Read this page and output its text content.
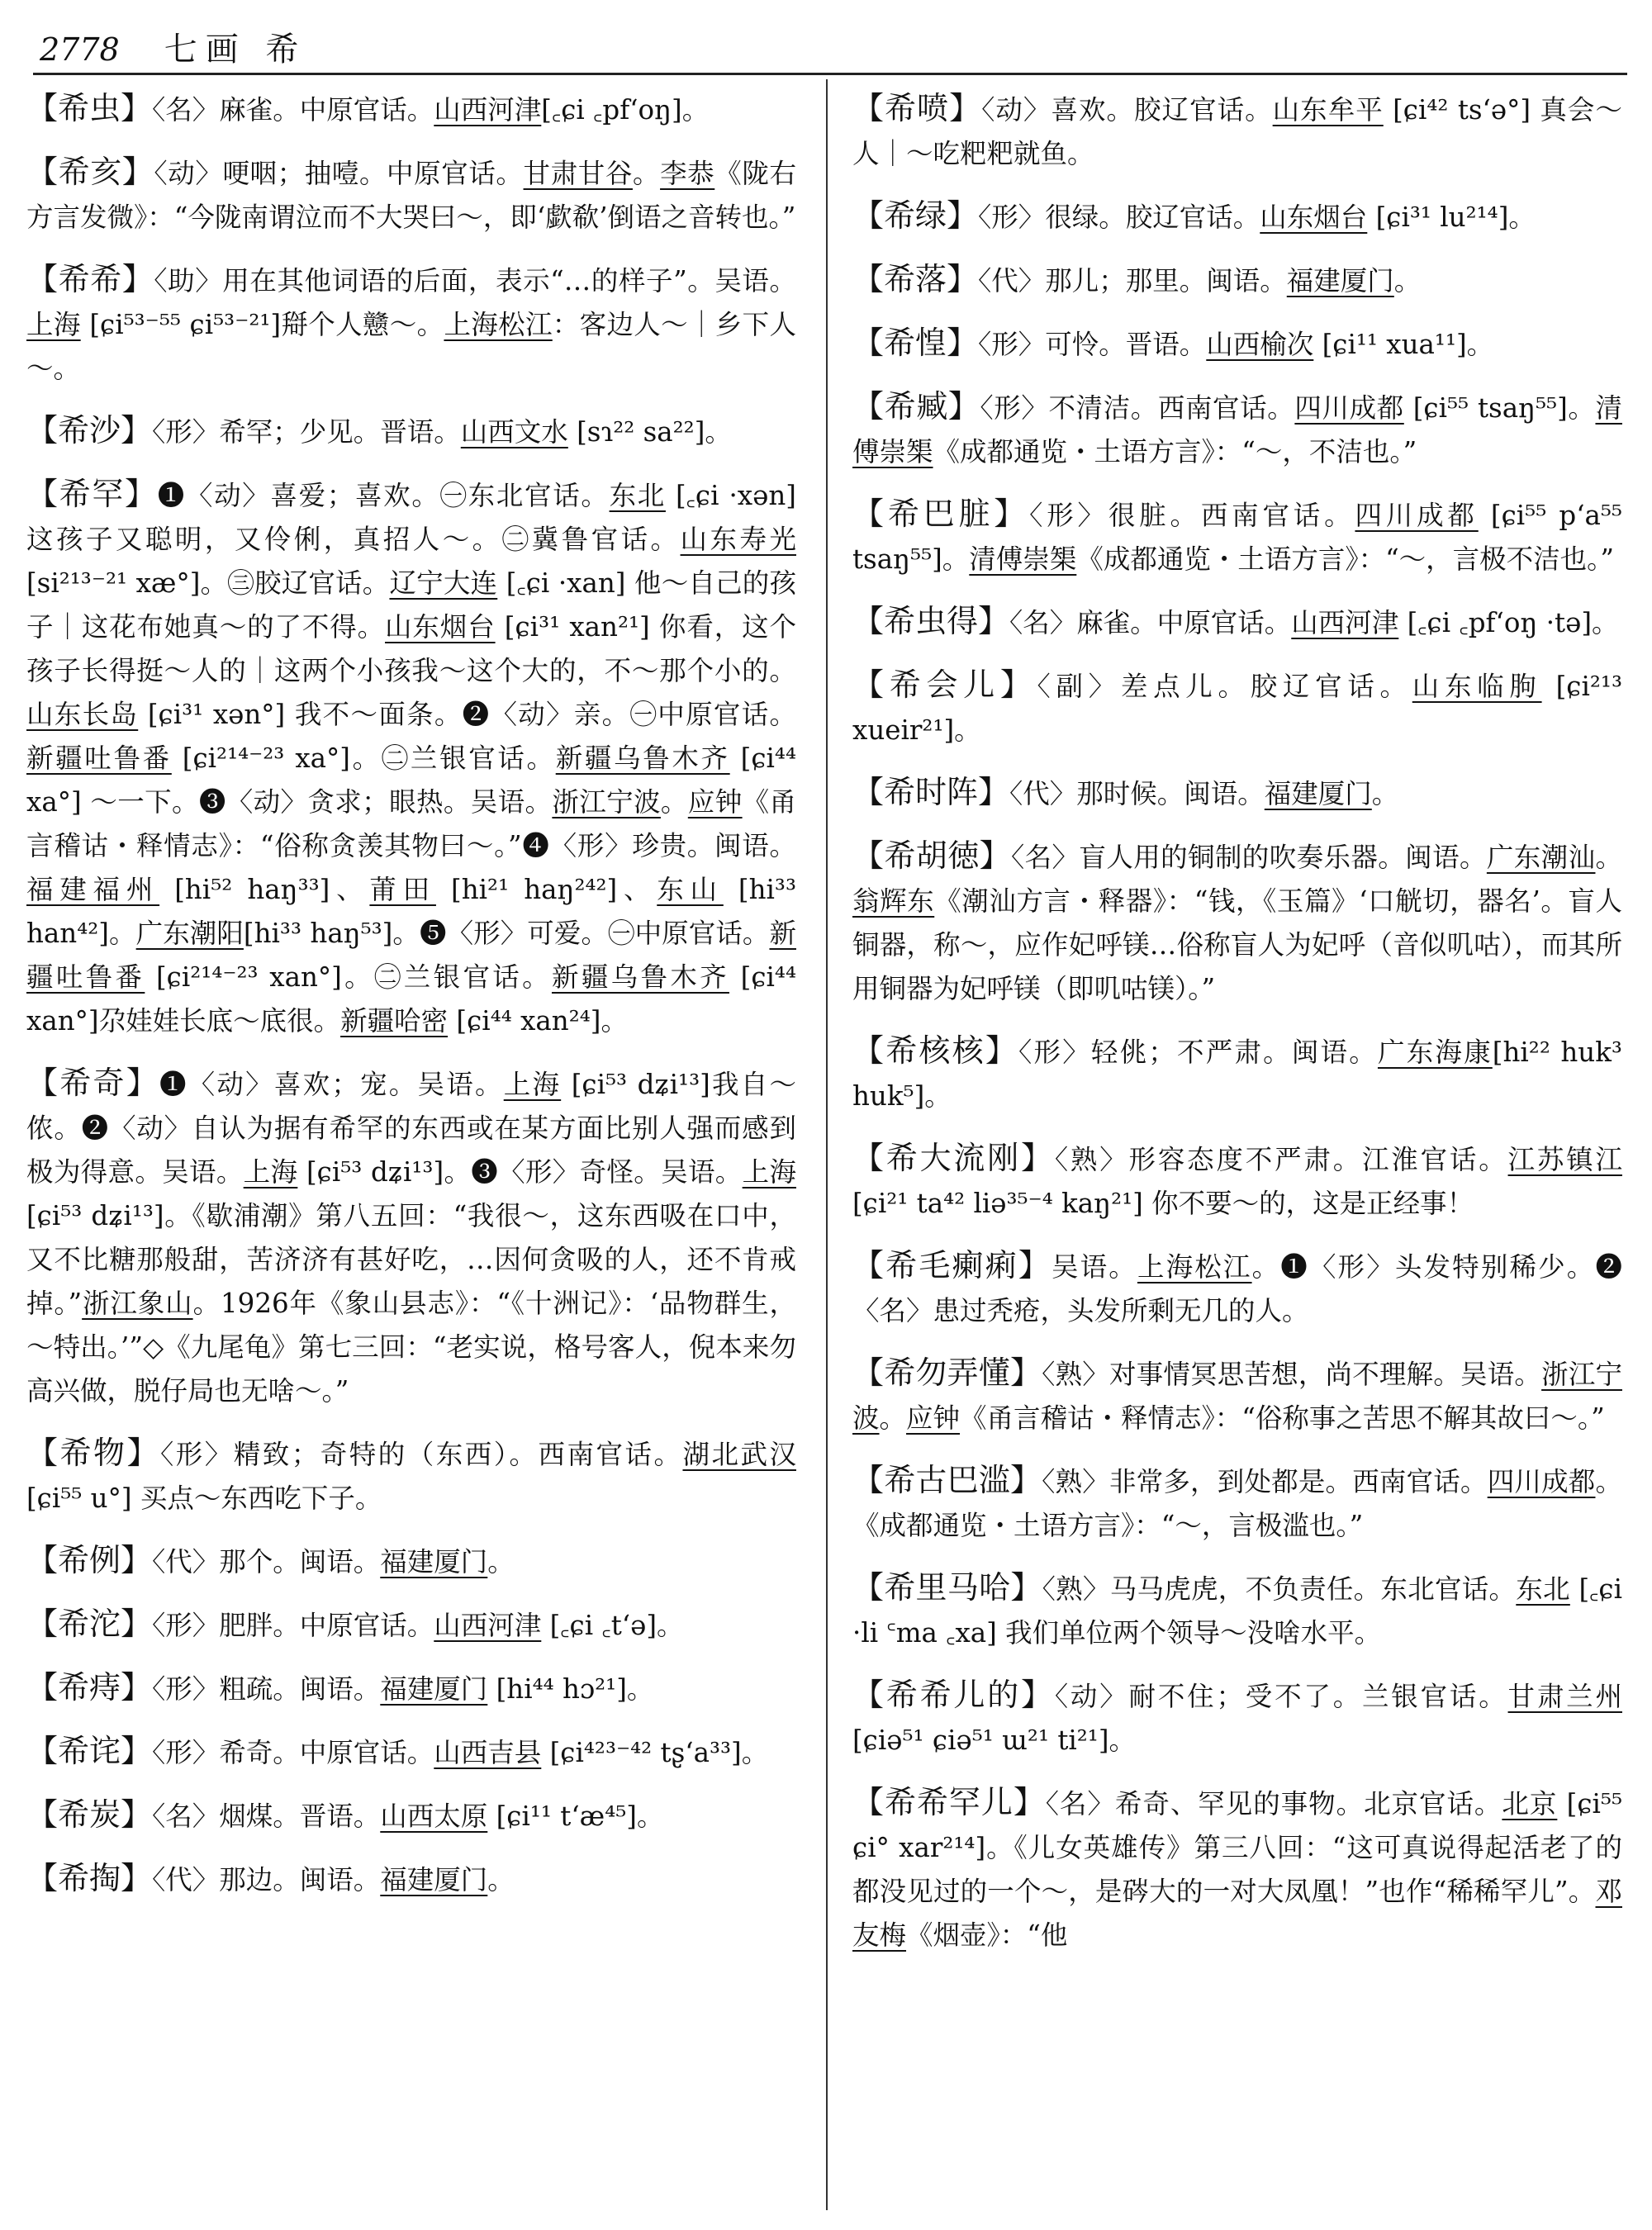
2778 七画 希
【希虫】〈名〉麻雀。中原官话。山西河津[꜀ɕi ꜀pf‘oŋ]。
【希亥】〈动〉哽咽；抽噎。中原官话。甘肃甘谷。李恭《陇右方言发微》：“今陇南谓泣而不大哭曰～，即‘歔欷’倒语之音转也。”
【希希】〈助〉用在其他词语的后面，表示“…的样子”。吴语。上海 [ɕi⁵³⁻⁵⁵ ɕi⁵³⁻²¹]搿个人戆～。上海松江：客边人～｜乡下人～。
【希沙】〈形〉希罕；少见。晋语。山西文水 [sɿ²² sa²²]。
【希罕】❶〈动〉喜爱；喜欢。㊀东北官话。东北 [꜀ɕi ·xən] 这孩子又聪明，又伶俐，真招人～。㊁冀鲁官话。山东寿光 [si²¹³⁻²¹ xæ°]。㊂胶辽官话。辽宁大连 [꜀ɕi ·xan] 他～自己的孩子｜这花布她真～的了不得。山东烟台 [ɕi³¹ xan²¹] 你看，这个孩子长得挺～人的｜这两个小孩我～这个大的，不～那个小的。山东长岛 [ɕi³¹ xən°] 我不～面条。❷〈动〉亲。㊀中原官话。新疆吐鲁番 [ɕi²¹⁴⁻²³ xa°]。㊁兰银官话。新疆乌鲁木齐 [ɕi⁴⁴ xa°] ～一下。❸〈动〉贪求；眼热。吴语。浙江宁波。应钟《甬言稽诂・释情志》：“俗称贪羡其物曰～。”❹〈形〉珍贵。闽语。福建福州 [hi⁵² haŋ³³]、莆田 [hi²¹ haŋ²⁴²]、东山 [hi³³ han⁴²]。广东潮阳[hi³³ haŋ⁵³]。❺〈形〉可爱。㊀中原官话。新疆吐鲁番 [ɕi²¹⁴⁻²³ xan°]。㊁兰银官话。新疆乌鲁木齐 [ɕi⁴⁴ xan°]尕娃娃长底～底很。新疆哈密 [ɕi⁴⁴ xan²⁴]。
【希奇】❶〈动〉喜欢；宠。吴语。上海 [ɕi⁵³ dʑi¹³]我自～侬。❷〈动〉自认为据有希罕的东西或在某方面比别人强而感到极为得意。吴语。上海 [ɕi⁵³ dʑi¹³]。❸〈形〉奇怪。吴语。上海 [ɕi⁵³ dʑi¹³]。《歇浦潮》第八五回：“我很～，这东西吸在口中，又不比糖那般甜，苦济济有甚好吃，…因何贪吸的人，还不肯戒掉。”浙江象山。1926年《象山县志》：“《十洲记》：‘品物群生，～特出。’”◇《九尾龟》第七三回：“老实说，格号客人，倪本来勿高兴做，脱仔局也无啥～。”
【希物】〈形〉精致；奇特的（东西）。西南官话。湖北武汉 [ɕi⁵⁵ u°] 买点～东西吃下子。
【希例】〈代〉那个。闽语。福建厦门。
【希沱】〈形〉肥胖。中原官话。山西河津 [꜀ɕi ꜀t‘ə]。
【希痔】〈形〉粗疏。闽语。福建厦门 [hi⁴⁴ hɔ²¹]。
【希诧】〈形〉希奇。中原官话。山西吉县 [ɕi⁴²³⁻⁴² tʂ‘a³³]。
【希炭】〈名〉烟煤。晋语。山西太原 [ɕi¹¹ t‘æ⁴⁵]。
【希掏】〈代〉那边。闽语。福建厦门。
【希喷】〈动〉喜欢。胶辽官话。山东牟平 [ɕi⁴² ts‘ə°] 真会～人｜～吃粑粑就鱼。
【希绿】〈形〉很绿。胶辽官话。山东烟台 [ɕi³¹ lu²¹⁴]。
【希落】〈代〉那儿；那里。闽语。福建厦门。
【希惶】〈形〉可怜。晋语。山西榆次 [ɕi¹¹ xua¹¹]。
【希臧】〈形〉不清洁。西南官话。四川成都 [ɕi⁵⁵ tsaŋ⁵⁵]。清傅崇榘《成都通览・土语方言》：“～，不洁也。”
【希巴脏】〈形〉很脏。西南官话。四川成都 [ɕi⁵⁵ p‘a⁵⁵ tsaŋ⁵⁵]。清傅崇榘《成都通览・土语方言》：“～，言极不洁也。”
【希虫得】〈名〉麻雀。中原官话。山西河津 [꜀ɕi ꜀pf‘oŋ ·tə]。
【希会儿】〈副〉差点儿。胶辽官话。山东临朐 [ɕi²¹³ xueir²¹]。
【希时阵】〈代〉那时候。闽语。福建厦门。
【希胡徳】〈名〉盲人用的铜制的吹奏乐器。闽语。广东潮汕。翁辉东《潮汕方言・释器》：“钱，《玉篇》‘口觥切，器名’。盲人铜器，称～，应作妃呼镁…俗称盲人为妃呼（音似叽咕），而其所用铜器为妃呼镁（即叽咕镁）。”
【希核核】〈形〉轻佻；不严肃。闽语。广东海康[hi²² huk³ huk⁵]。
【希大流刚】〈熟〉形容态度不严肃。江淮官话。江苏镇江 [ɕi²¹ ta⁴² liə³⁵⁻⁴ kaŋ²¹] 你不要～的，这是正经事！
【希毛瘌痢】吴语。上海松江。❶〈形〉头发特别稀少。❷〈名〉患过秃疮，头发所剩无几的人。
【希勿弄懂】〈熟〉对事情冥思苦想，尚不理解。吴语。浙江宁波。应钟《甬言稽诂・释情志》：“俗称事之苦思不解其故曰～。”
【希古巴滥】〈熟〉非常多，到处都是。西南官话。四川成都。《成都通览・土语方言》：“～，言极滥也。”
【希里马哈】〈熟〉马马虎虎，不负责任。东北官话。东北 [꜀ɕi ·li ꜂ma ꜀xa] 我们单位两个领导～没啥水平。
【希希儿的】〈动〉耐不住；受不了。兰银官话。甘肃兰州 [ɕiə⁵¹ ɕiə⁵¹ ɯ²¹ ti²¹]。
【希希罕儿】〈名〉希奇、罕见的事物。北京官话。北京 [ɕi⁵⁵ ɕi° xar²¹⁴]。《儿女英雄传》第三八回：“这可真说得起活老了的都没见过的一个～，是硶大的一对大凤凰！”也作“稀稀罕儿”。邓友梅《烟壶》：“他
